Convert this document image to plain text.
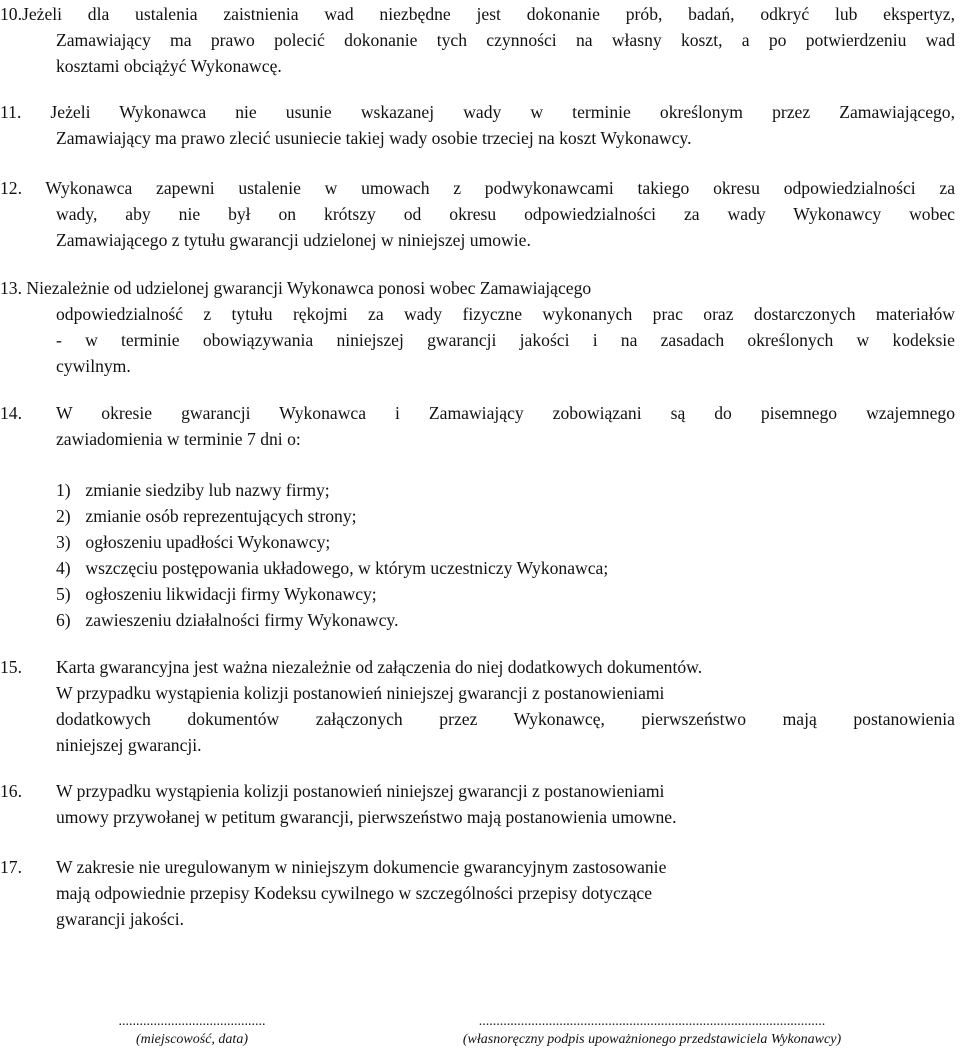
10.Jeżeli dla ustalenia zaistnienia wad niezbędne jest dokonanie prób, badań, odkryć lub ekspertyz,
Zamawiający ma prawo polecić dokonanie tych czynności na własny koszt, a po potwierdzeniu wad
kosztami obciążyć Wykonawcę.
11. Jeżeli Wykonawca nie usunie wskazanej wady w terminie określonym przez Zamawiającego,
Zamawiający ma prawo zlecić usuniecie takiej wady osobie trzeciej na koszt Wykonawcy.
12. Wykonawca zapewni ustalenie w umowach z podwykonawcami takiego okresu odpowiedzialności za
wady, aby nie był on krótszy od okresu odpowiedzialności za wady Wykonawcy wobec
Zamawiającego z tytułu gwarancji udzielonej w niniejszej umowie.
13. Niezależnie od udzielonej gwarancji Wykonawca ponosi wobec Zamawiającego
odpowiedzialność z tytułu rękojmi za wady fizyczne wykonanych prac oraz dostarczonych materiałów
- w terminie obowiązywania niniejszej gwarancji jakości i na zasadach określonych w kodeksie
cywilnym.
14. W okresie gwarancji Wykonawca i Zamawiający zobowiązani są do pisemnego wzajemnego
zawiadomienia w terminie 7 dni o:
1) zmianie siedziby lub nazwy firmy;
2) zmianie osób reprezentujących strony;
3) ogłoszeniu upadłości Wykonawcy;
4) wszczęciu postępowania układowego, w którym uczestniczy Wykonawca;
5) ogłoszeniu likwidacji firmy Wykonawcy;
6) zawieszeniu działalności firmy Wykonawcy.
15. Karta gwarancyjna jest ważna niezależnie od załączenia do niej dodatkowych dokumentów.
W przypadku wystąpienia kolizji postanowień niniejszej gwarancji z postanowieniami
dodatkowych dokumentów załączonych przez Wykonawcę, pierwszeństwo mają postanowienia
niniejszej gwarancji.
16. W przypadku wystąpienia kolizji postanowień niniejszej gwarancji z postanowieniami
umowy przywołanej w petitum gwarancji, pierwszeństwo mają postanowienia umowne.
17. W zakresie nie uregulowanym w niniejszym dokumencie gwarancyjnym zastosowanie
mają odpowiednie przepisy Kodeksu cywilnego w szczególności przepisy dotyczące
gwarancji jakości.
..........................................
(miejscowość, data)
...................................................................................................
(własnoręczny podpis upoważnionego przedstawiciela Wykonawcy)
